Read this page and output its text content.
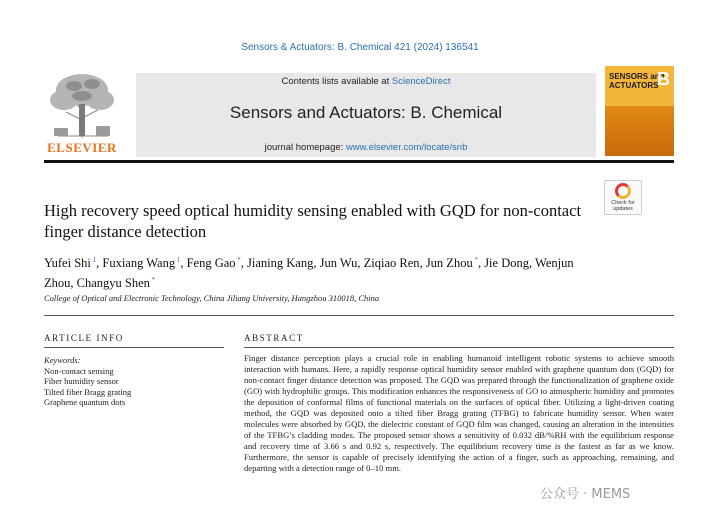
Sensors & Actuators: B. Chemical 421 (2024) 136541
ELSEVIER
Contents lists available at ScienceDirect
Sensors and Actuators: B. Chemical
journal homepage: www.elsevier.com/locate/snb
SENSORS and ACTUATORS
B
Check for updates
High recovery speed optical humidity sensing enabled with GQD for non-contact finger distance detection
Yufei Shi $^1$, Fuxiang Wang $^1$, Feng Gao *, Jianing Kang, Jun Wu, Ziqiao Ren, Jun Zhou *, Jie Dong, Wenjun Zhou, Changyu Shen *
College of Optical and Electronic Technology, China Jiliang University, Hangzhou 310018, China
ARTICLE INFO	ABSTRACT
Keywords:
Non-contact sensing
Fiber humidity sensor
Tilted fiber Bragg grating
Graphene quantum dots
Finger distance perception plays a crucial role in enabling humanoid intelligent robotic systems to achieve smooth interaction with humans. Here, a rapidly response optical humidity sensor enabled with graphene quantum dots (GQD) for non-contact finger distance detection was proposed. The GQD was prepared through the functionalization of graphene oxide (GO) with hydrophilic groups. This modification enhances the responsiveness of GO to atmospheric humidity and promotes the deposition of conformal films of functional materials on the surfaces of optical fiber. Utilizing a light-driven coating method, the GQD was deposited onto a tilted fiber Bragg grating (TFBG) to fabricate humidity sensor. When water molecules were absorbed by GQD, the dielectric constant of GQD film was changed, causing an alteration in the intensities of the TFBG’s cladding modes. The proposed sensor shows a sensitivity of 0.032 dB/%RH with the equilibrium response and recovery time of 3.66 s and 0.92 s, respectively. The equilibrium recovery time is the fastest as far as we know. Furthermore, the sensor is capable of precisely identifying the action of a finger, such as approaching, remaining, and departing with a detection range of 0–10 mm.
公众号 · MEMS
